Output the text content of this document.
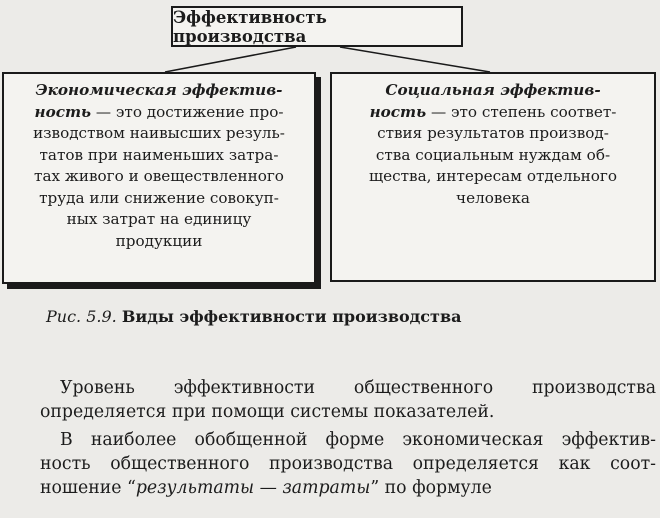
Эффективность производства
Экономическая эффектив-
ность — это достижение про-
изводством наивысших резуль-
татов при наименьших затра-
тах живого и овеществленного
труда или снижение совокуп-
ных затрат на единицу
продукции
Социальная эффектив-
ность — это степень соответ-
ствия результатов производ-
ства социальным нуждам об-
щества, интересам отдельного
человека
Рис. 5.9. Виды эффективности производства
Уровень эффективности общественного производства
определяется при помощи системы показателей.
В наиболее обобщенной форме экономическая эффектив-
ность общественного производства определяется как соот-
ношение “результаты — затраты” по формуле
